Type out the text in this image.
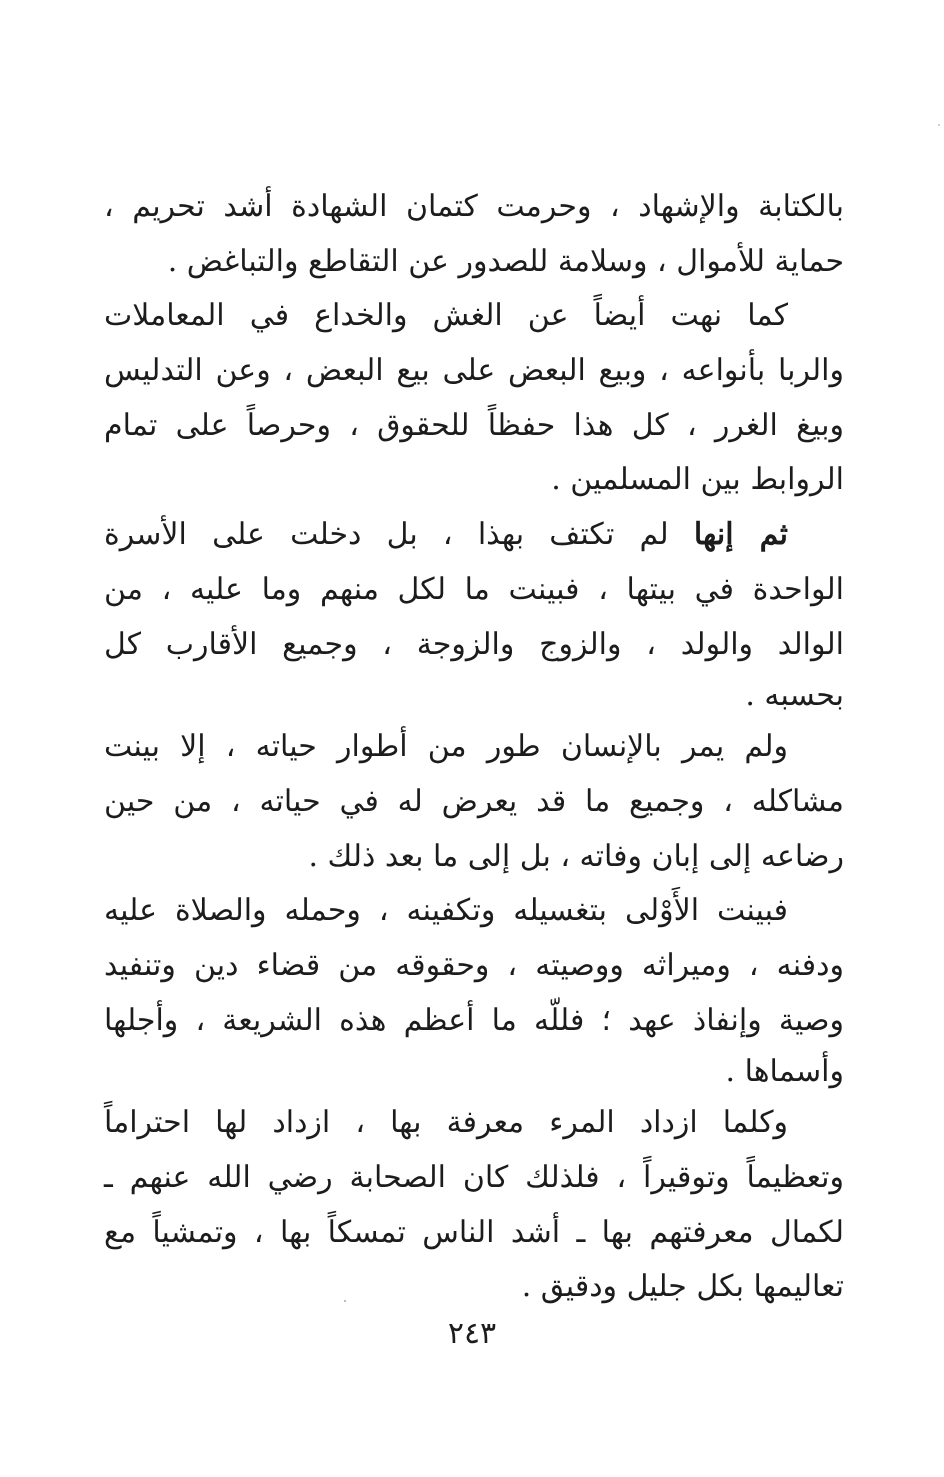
بالكتابة والإشهاد ، وحرمت كتمان الشهادة أشد تحريم ،
حماية للأموال ، وسلامة للصدور عن التقاطع والتباغض .
كما نهت أيضاً عن الغش والخداع في المعاملات
والربا بأنواعه ، وبيع البعض على بيع البعض ، وعن التدليس
وبيغ الغرر ، كل هذا حفظاً للحقوق ، وحرصاً على تمام
الروابط بين المسلمين .
ثم إنها لم تكتف بهذا ، بل دخلت على الأسرة
الواحدة في بيتها ، فبينت ما لكل منهم وما عليه ، من
الوالد والولد ، والزوج والزوجة ، وجميع الأقارب كل
بحسبه .
ولم يمر بالإنسان طور من أطوار حياته ، إلا بينت
مشاكله ، وجميع ما قد يعرض له في حياته ، من حين
رضاعه إلى إبان وفاته ، بل إلى ما بعد ذلك .
فبينت الأَوْلى بتغسيله وتكفينه ، وحمله والصلاة عليه
ودفنه ، وميراثه ووصيته ، وحقوقه من قضاء دين وتنفيد
وصية وإنفاذ عهد ؛ فللّه ما أعظم هذه الشريعة ، وأجلها
وأسماها .
وكلما ازداد المرء معرفة بها ، ازداد لها احتراماً
وتعظيماً وتوقيراً ، فلذلك كان الصحابة رضي الله عنهم ـ
لكمال معرفتهم بها ـ أشد الناس تمسكاً بها ، وتمشياً مع
تعاليمها بكل جليل ودقيق .
٢٤٣
